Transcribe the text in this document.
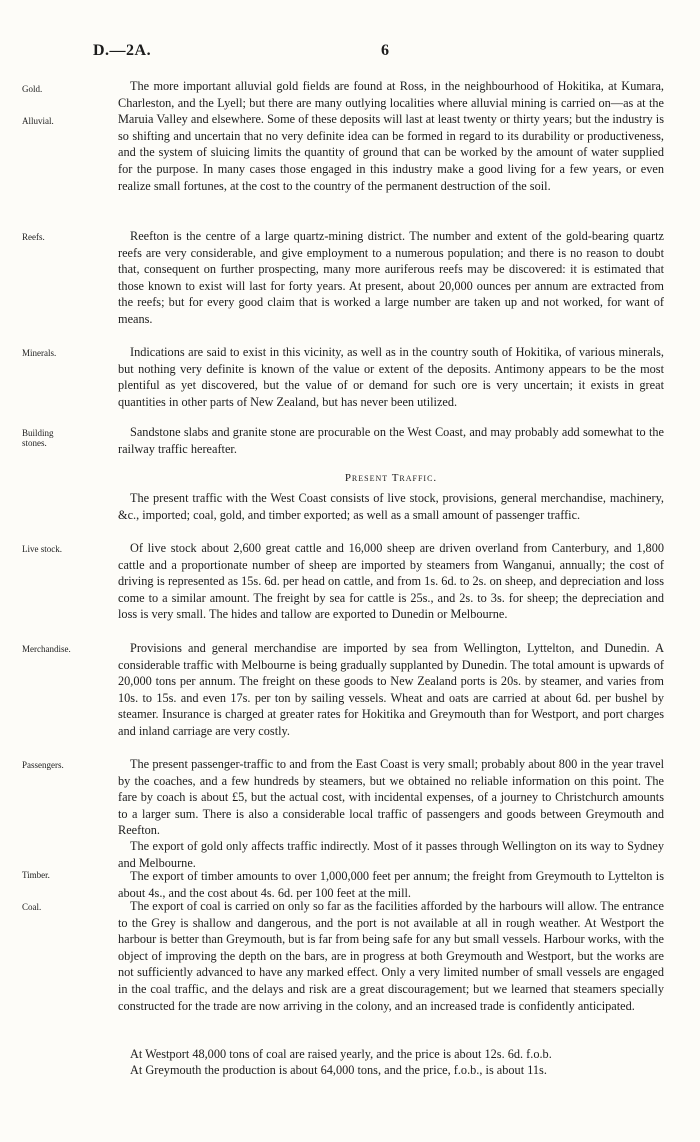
D.—2A.	6
Gold.
Alluvial.
Reefs.
Minerals.
Building stones.
Live stock.
Merchandise.
Passengers.
Timber.
Coal.

The more important alluvial gold fields are found at Ross, in the neighbourhood of Hokitika, at Kumara, Charleston, and the Lyell; but there are many outlying localities where alluvial mining is carried on—as at the Maruia Valley and elsewhere. Some of these deposits will last at least twenty or thirty years; but the industry is so shifting and uncertain that no very definite idea can be formed in regard to its durability or productiveness, and the system of sluicing limits the quantity of ground that can be worked by the amount of water supplied for the purpose. In many cases those engaged in this industry make a good living for a few years, or even realize small fortunes, at the cost to the country of the permanent destruction of the soil.

Reefton is the centre of a large quartz-mining district. The number and extent of the gold-bearing quartz reefs are very considerable, and give employment to a numerous population; and there is no reason to doubt that, consequent on further prospecting, many more auriferous reefs may be discovered: it is estimated that those known to exist will last for forty years. At present, about 20,000 ounces per annum are extracted from the reefs; but for every good claim that is worked a large number are taken up and not worked, for want of means.

Indications are said to exist in this vicinity, as well as in the country south of Hokitika, of various minerals, but nothing very definite is known of the value or extent of the deposits. Antimony appears to be the most plentiful as yet discovered, but the value of or demand for such ore is very uncertain; it exists in great quantities in other parts of New Zealand, but has never been utilized.

Sandstone slabs and granite stone are procurable on the West Coast, and may probably add somewhat to the railway traffic hereafter.

Present Traffic.

The present traffic with the West Coast consists of live stock, provisions, general merchandise, machinery, &c., imported; coal, gold, and timber exported; as well as a small amount of passenger traffic.

Of live stock about 2,600 great cattle and 16,000 sheep are driven overland from Canterbury, and 1,800 cattle and a proportionate number of sheep are imported by steamers from Wanganui, annually; the cost of driving is represented as 15s. 6d. per head on cattle, and from 1s. 6d. to 2s. on sheep, and depreciation and loss come to a similar amount. The freight by sea for cattle is 25s., and 2s. to 3s. for sheep; the depreciation and loss is very small. The hides and tallow are exported to Dunedin or Melbourne.

Provisions and general merchandise are imported by sea from Wellington, Lyttelton, and Dunedin. A considerable traffic with Melbourne is being gradually supplanted by Dunedin. The total amount is upwards of 20,000 tons per annum. The freight on these goods to New Zealand ports is 20s. by steamer, and varies from 10s. to 15s. and even 17s. per ton by sailing vessels. Wheat and oats are carried at about 6d. per bushel by steamer. Insurance is charged at greater rates for Hokitika and Greymouth than for Westport, and port charges and inland carriage are very costly.

The present passenger-traffic to and from the East Coast is very small; probably about 800 in the year travel by the coaches, and a few hundreds by steamers, but we obtained no reliable information on this point. The fare by coach is about £5, but the actual cost, with incidental expenses, of a journey to Christchurch amounts to a larger sum. There is also a considerable local traffic of passengers and goods between Greymouth and Reefton.

The export of gold only affects traffic indirectly. Most of it passes through Wellington on its way to Sydney and Melbourne.

The export of timber amounts to over 1,000,000 feet per annum; the freight from Greymouth to Lyttelton is about 4s., and the cost about 4s. 6d. per 100 feet at the mill.

The export of coal is carried on only so far as the facilities afforded by the harbours will allow. The entrance to the Grey is shallow and dangerous, and the port is not available at all in rough weather. At Westport the harbour is better than Greymouth, but is far from being safe for any but small vessels. Harbour works, with the object of improving the depth on the bars, are in progress at both Greymouth and Westport, but the works are not sufficiently advanced to have any marked effect. Only a very limited number of small vessels are engaged in the coal traffic, and the delays and risk are a great discouragement; but we learned that steamers specially constructed for the trade are now arriving in the colony, and an increased trade is confidently anticipated.

At Westport 48,000 tons of coal are raised yearly, and the price is about 12s. 6d. f.o.b.

At Greymouth the production is about 64,000 tons, and the price, f.o.b., is about 11s.
